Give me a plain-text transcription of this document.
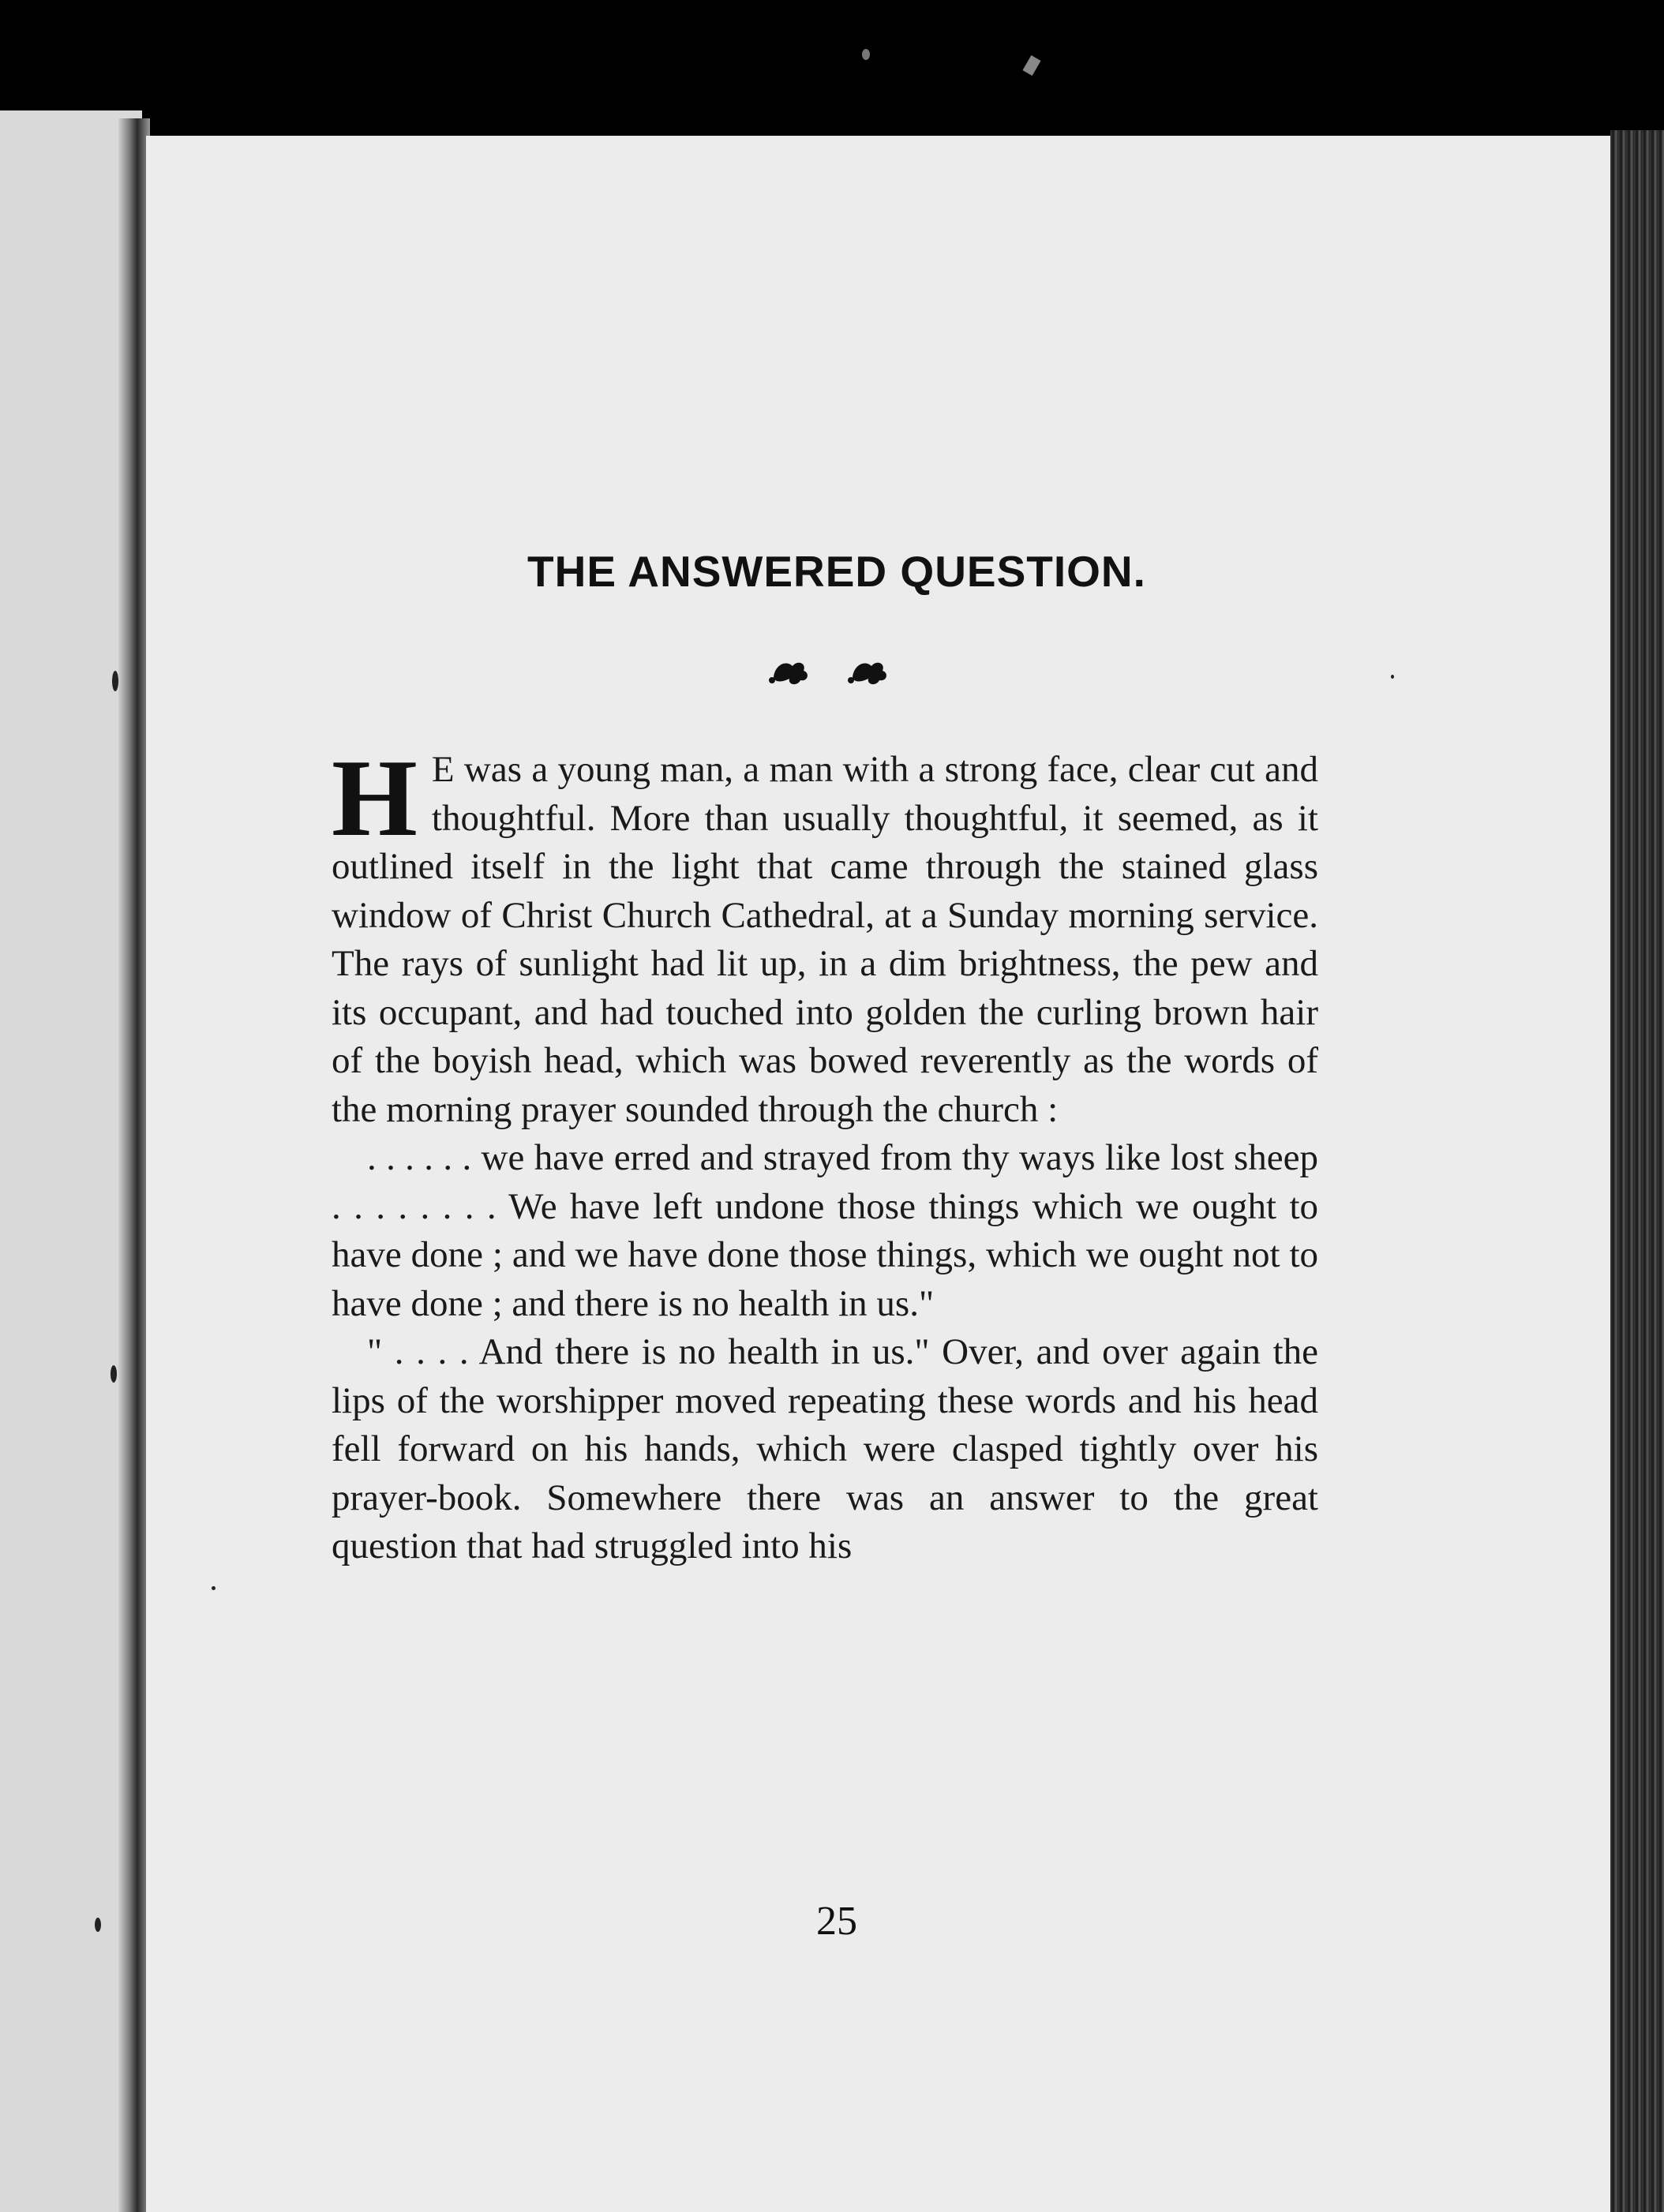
THE ANSWERED QUESTION.

H E was a young man, a man with a strong face, clear cut and thoughtful. More than usually thoughtful, it seemed, as it outlined itself in the light that came through the stained glass window of Christ Church Cathedral, at a Sunday morning service. The rays of sunlight had lit up, in a dim brightness, the pew and its occupant, and had touched into golden the curling brown hair of the boyish head, which was bowed reverently as the words of the morning prayer sounded through the church :

. . . . . . we have erred and strayed from thy ways like lost sheep . . . . . . . . We have left undone those things which we ought to have done ; and we have done those things, which we ought not to have done ; and there is no health in us."

" . . . . And there is no health in us." Over, and over again the lips of the worshipper moved repeating these words and his head fell forward on his hands, which were clasped tightly over his prayer-book. Somewhere there was an answer to the great question that had struggled into his

25
